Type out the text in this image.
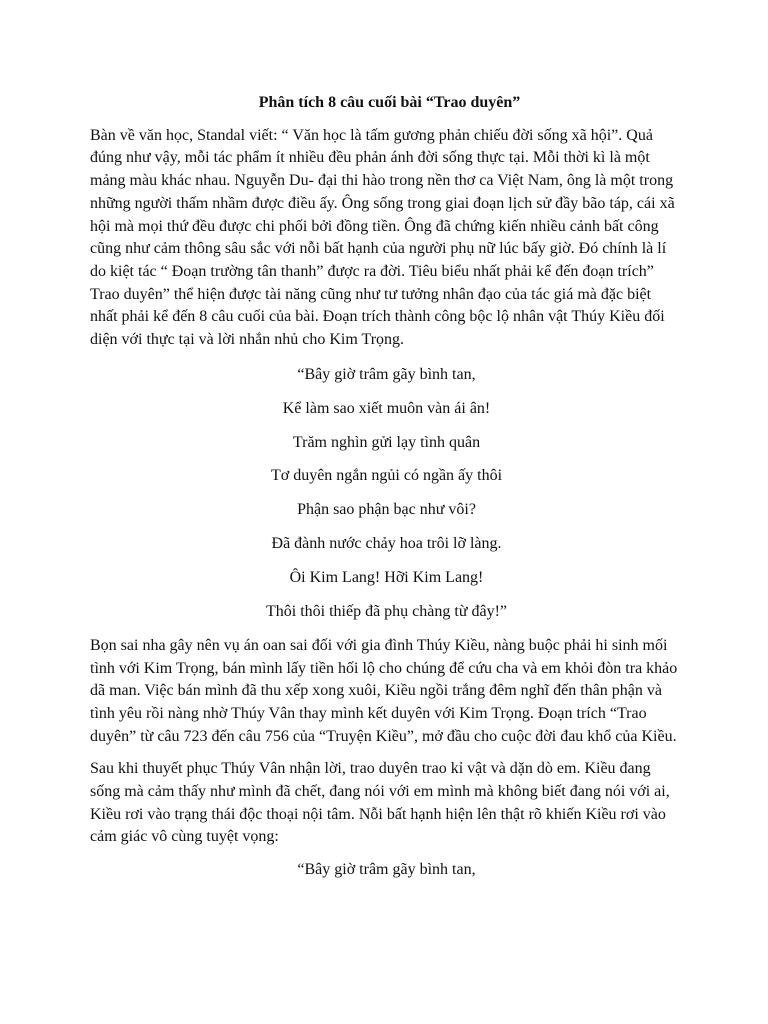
Phân tích 8 câu cuối bài “Trao duyên”
Bàn về văn học, Standal viết: “ Văn học là tấm gương phản chiếu đời sống xã hội”. Quả đúng như vậy, mỗi tác phẩm ít nhiều đều phản ánh đời sống thực tại. Mỗi thời kì là một mảng màu khác nhau. Nguyễn Du- đại thi hào trong nền thơ ca Việt Nam, ông là một trong những người thấm nhầm được điều ấy. Ông sống trong giai đoạn lịch sử đầy bão táp, cái xã hội mà mọi thứ đều được chi phối bởi đồng tiền. Ông đã chứng kiến nhiều cảnh bất công cũng như cảm thông sâu sắc với nỗi bất hạnh của người phụ nữ lúc bấy giờ. Đó chính là lí do kiệt tác “ Đoạn trường tân thanh” được ra đời. Tiêu biểu nhất phải kể đến đoạn trích” Trao duyên” thể hiện được tài năng cũng như tư tưởng nhân đạo của tác giá mà đặc biệt nhất phải kể đến 8 câu cuối của bài. Đoạn trích thành công bộc lộ nhân vật Thúy Kiều đối diện với thực tại và lời nhắn nhủ cho Kim Trọng.
“Bây giờ trâm gãy bình tan,
Kể làm sao xiết muôn vàn ái ân!
Trăm nghìn gửi lạy tình quân
Tơ duyên ngắn ngủi có ngần ấy thôi
Phận sao phận bạc như vôi?
Đã đành nước chảy hoa trôi lỡ làng.
Ôi Kim Lang! Hỡi Kim Lang!
Thôi thôi thiếp đã phụ chàng từ đây!”
Bọn sai nha gây nên vụ án oan sai đối với gia đình Thúy Kiều, nàng buộc phải hi sinh mối tình với Kim Trọng, bán mình lấy tiền hối lộ cho chúng để cứu cha và em khỏi đòn tra khảo dã man. Việc bán mình đã thu xếp xong xuôi, Kiều ngồi trắng đêm nghĩ đến thân phận và tình yêu rồi nàng nhờ Thúy Vân thay mình kết duyên với Kim Trọng. Đoạn trích “Trao duyên” từ câu 723 đến câu 756 của “Truyện Kiều”, mở đầu cho cuộc đời đau khổ của Kiều.
Sau khi thuyết phục Thúy Vân nhận lời, trao duyên trao kỉ vật và dặn dò em. Kiều đang sống mà cảm thấy như mình đã chết, đang nói với em mình mà không biết đang nói với ai, Kiều rơi vào trạng thái độc thoại nội tâm. Nỗi bất hạnh hiện lên thật rõ khiến Kiều rơi vào cảm giác vô cùng tuyệt vọng:
“Bây giờ trâm gãy bình tan,
